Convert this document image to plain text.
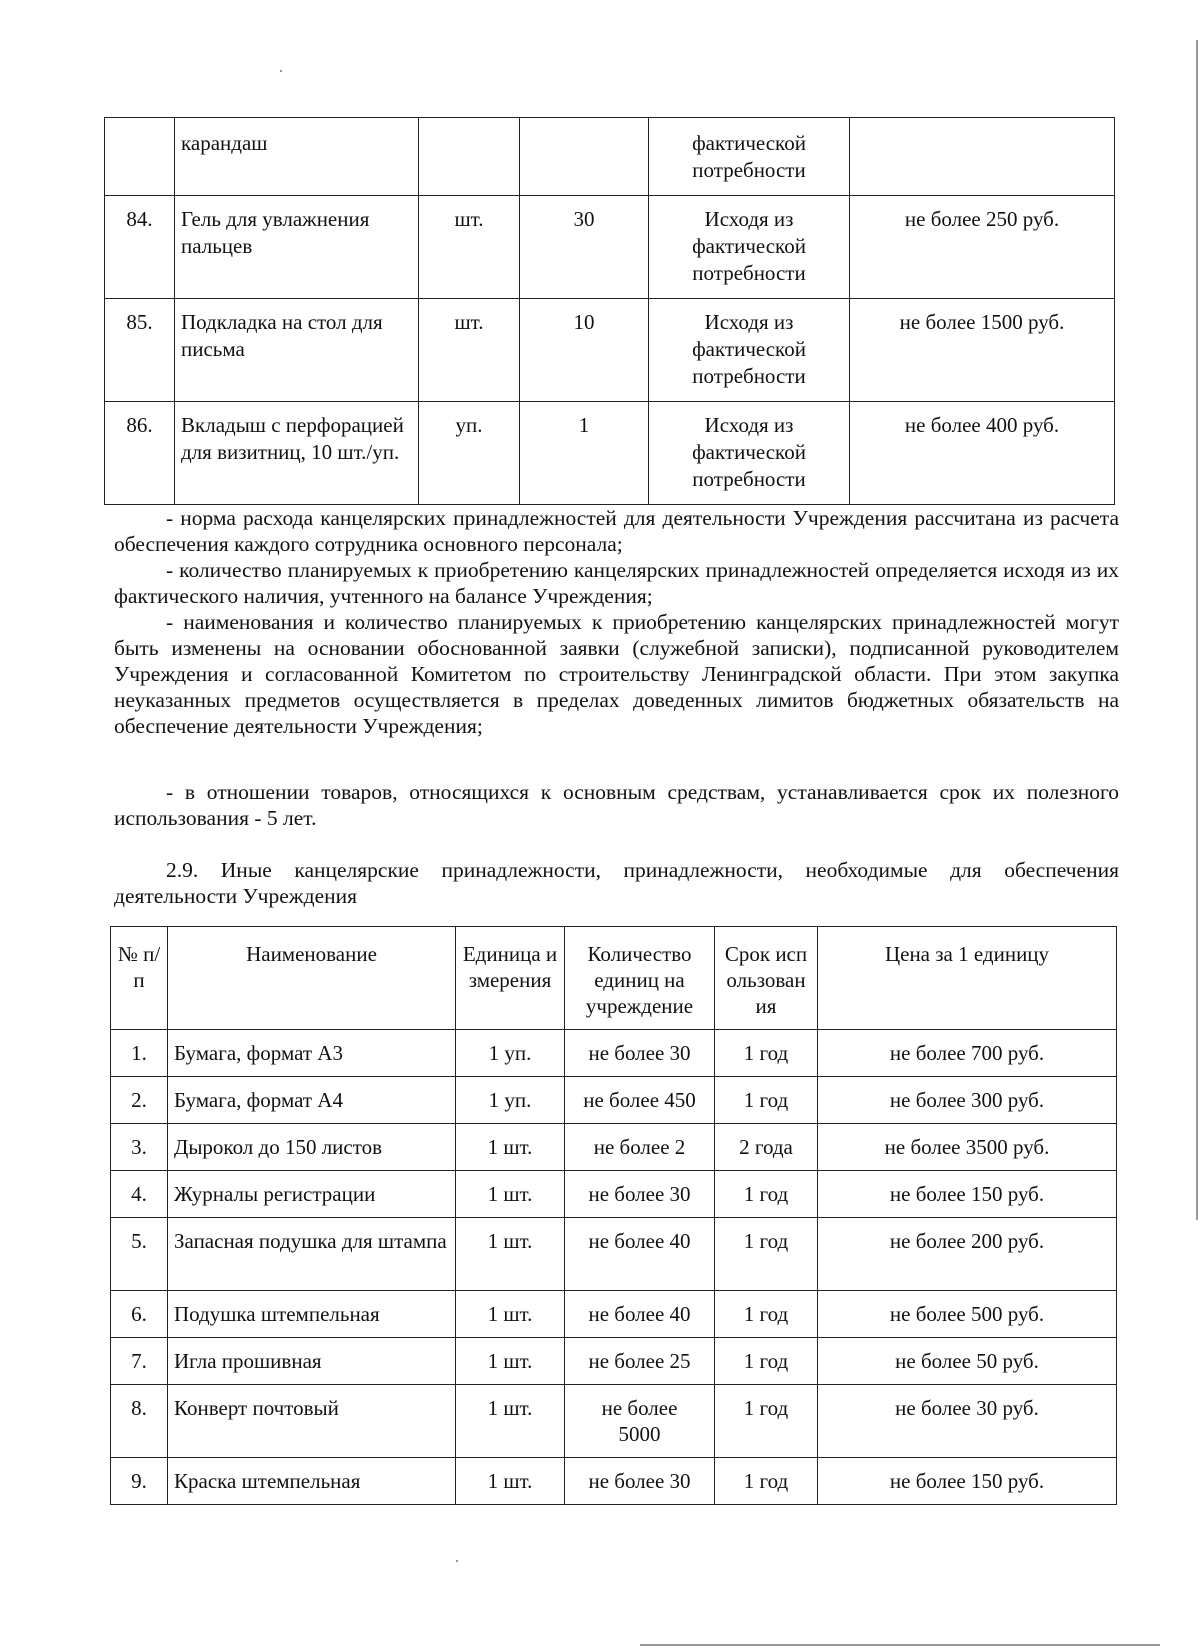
	карандаш			фактической потребности	
84.	Гель для увлажнения пальцев	шт.	30	Исходя из фактической потребности	не более 250 руб.
85.	Подкладка на стол для письма	шт.	10	Исходя из фактической потребности	не более 1500 руб.
86.	Вкладыш с перфорацией для визитниц, 10 шт./уп.	уп.	1	Исходя из фактической потребности	не более 400 руб.
- норма расхода канцелярских принадлежностей для деятельности Учреждения рассчитана из расчета обеспечения каждого сотрудника основного персонала;
- количество планируемых к приобретению канцелярских принадлежностей определяется исходя из их фактического наличия, учтенного на балансе Учреждения;
- наименования и количество планируемых к приобретению канцелярских принадлежностей могут быть изменены на основании обоснованной заявки (служебной записки), подписанной руководителем Учреждения и согласованной Комитетом по строительству Ленинградской области. При этом закупка неуказанных предметов осуществляется в пределах доведенных лимитов бюджетных обязательств на обеспечение деятельности Учреждения;
- в отношении товаров, относящихся к основным средствам, устанавливается срок их полезного использования - 5 лет.
2.9. Иные канцелярские принадлежности, принадлежности, необходимые для обеспечения деятельности Учреждения
№ п/п	Наименование	Единица измерения	Количество единиц на учреждение	Срок использования	Цена за 1 единицу
1.	Бумага, формат А3	1 уп.	не более 30	1 год	не более 700 руб.
2.	Бумага, формат А4	1 уп.	не более 450	1 год	не более 300 руб.
3.	Дырокол до 150 листов	1 шт.	не более 2	2 года	не более 3500 руб.
4.	Журналы регистрации	1 шт.	не более 30	1 год	не более 150 руб.
5.	Запасная подушка для штампа	1 шт.	не более 40	1 год	не более 200 руб.
6.	Подушка штемпельная	1 шт.	не более 40	1 год	не более 500 руб.
7.	Игла прошивная	1 шт.	не более 25	1 год	не более 50 руб.
8.	Конверт почтовый	1 шт.	не более 5000	1 год	не более 30 руб.
9.	Краска штемпельная	1 шт.	не более 30	1 год	не более 150 руб.
